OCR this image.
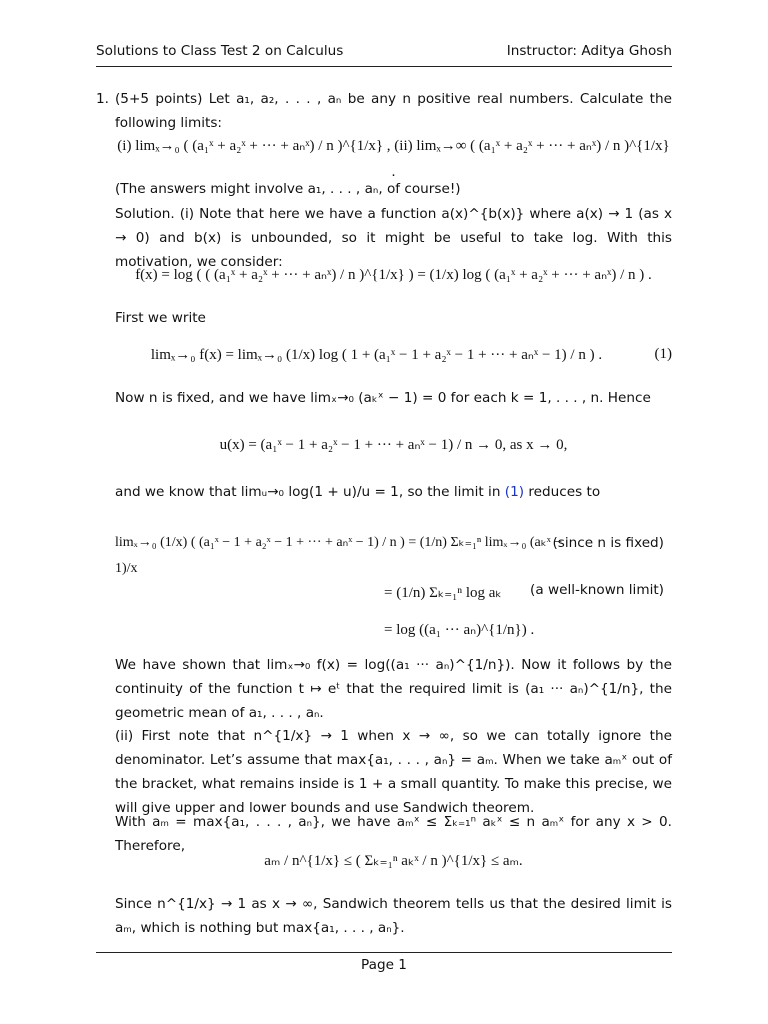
Solutions to Class Test 2 on Calculus	Instructor: Aditya Ghosh
1. (5+5 points) Let a₁, a₂, . . . , aₙ be any n positive real numbers. Calculate the following limits:
(i) limₓ→₀ ( (a₁ˣ + a₂ˣ + ··· + aₙˣ) / n )^{1/x} , (ii) limₓ→∞ ( (a₁ˣ + a₂ˣ + ··· + aₙˣ) / n )^{1/x} .
(The answers might involve a₁, . . . , aₙ, of course!)
Solution. (i) Note that here we have a function a(x)^{b(x)} where a(x) → 1 (as x → 0) and b(x) is unbounded, so it might be useful to take log. With this motivation, we consider:
f(x) = log ( ( (a₁ˣ + a₂ˣ + ··· + aₙˣ) / n )^{1/x} ) = (1/x) log ( (a₁ˣ + a₂ˣ + ··· + aₙˣ) / n ) .
First we write
limₓ→₀ f(x) = limₓ→₀ (1/x) log ( 1 + (a₁ˣ − 1 + a₂ˣ − 1 + ··· + aₙˣ − 1) / n ) .	(1)
Now n is fixed, and we have limₓ→₀ (aₖˣ − 1) = 0 for each k = 1, . . . , n. Hence
u(x) = (a₁ˣ − 1 + a₂ˣ − 1 + ··· + aₙˣ − 1) / n → 0, as x → 0,
and we know that limᵤ→₀ log(1 + u)/u = 1, so the limit in (1) reduces to
limₓ→₀ (1/x) ( (a₁ˣ − 1 + a₂ˣ − 1 + ··· + aₙˣ − 1) / n ) = (1/n) Σₖ₌₁ⁿ limₓ→₀ (aₖˣ − 1)/x
(since n is fixed)
= (1/n) Σₖ₌₁ⁿ log aₖ	(a well-known limit)
= log ((a₁ ··· aₙ)^{1/n}) .
We have shown that limₓ→₀ f(x) = log((a₁ ··· aₙ)^{1/n}). Now it follows by the continuity of the function t ↦ eᵗ that the required limit is (a₁ ··· aₙ)^{1/n}, the geometric mean of a₁, . . . , aₙ.
(ii) First note that n^{1/x} → 1 when x → ∞, so we can totally ignore the denominator. Let’s assume that max{a₁, . . . , aₙ} = aₘ. When we take aₘˣ out of the bracket, what remains inside is 1 + a small quantity. To make this precise, we will give upper and lower bounds and use Sandwich theorem.
With aₘ = max{a₁, . . . , aₙ}, we have aₘˣ ≤ Σₖ₌₁ⁿ aₖˣ ≤ n aₘˣ for any x > 0. Therefore,
aₘ / n^{1/x} ≤ ( Σₖ₌₁ⁿ aₖˣ / n )^{1/x} ≤ aₘ.
Since n^{1/x} → 1 as x → ∞, Sandwich theorem tells us that the desired limit is aₘ, which is nothing but max{a₁, . . . , aₙ}.
Page 1
